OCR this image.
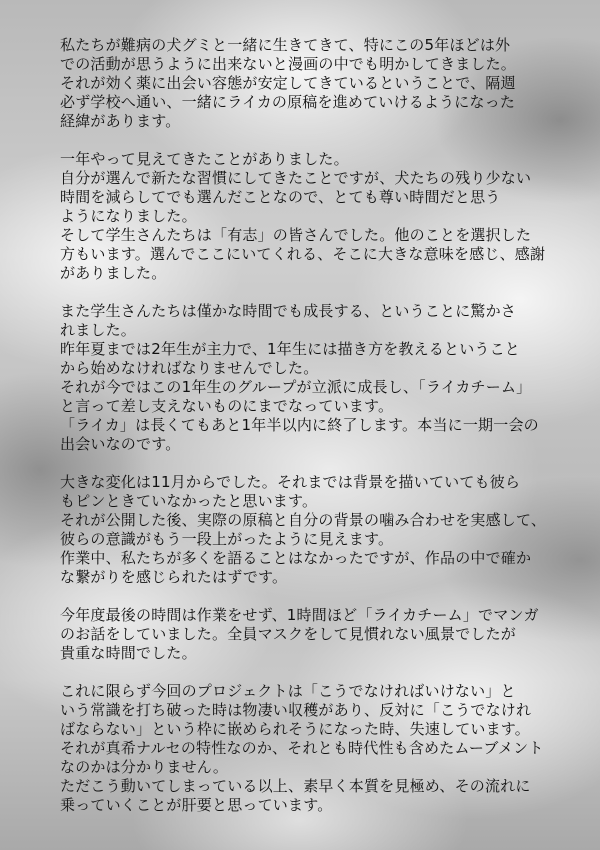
私たちが難病の犬グミと一緒に生きてきて、特にこの5年ほどは外
での活動が思うように出来ないと漫画の中でも明かしてきました。
それが効く薬に出会い容態が安定してきているということで、隔週
必ず学校へ通い、一緒にライカの原稿を進めていけるようになった
経緯があります。

一年やって見えてきたことがありました。
自分が選んで新たな習慣にしてきたことですが、犬たちの残り少ない
時間を減らしてでも選んだことなので、とても尊い時間だと思う
ようになりました。
そして学生さんたちは「有志」の皆さんでした。他のことを選択した
方もいます。選んでここにいてくれる、そこに大きな意味を感じ、感謝
がありました。

また学生さんたちは僅かな時間でも成長する、ということに驚かさ
れました。
昨年夏までは2年生が主力で、1年生には描き方を教えるということ
から始めなければなりませんでした。
それが今ではこの1年生のグループが立派に成長し、「ライカチーム」
と言って差し支えないものにまでなっています。
「ライカ」は長くてもあと1年半以内に終了します。本当に一期一会の
出会いなのです。

大きな変化は11月からでした。それまでは背景を描いていても彼ら
もピンときていなかったと思います。
それが公開した後、実際の原稿と自分の背景の噛み合わせを実感して、
彼らの意識がもう一段上がったように見えます。
作業中、私たちが多くを語ることはなかったですが、作品の中で確か
な繋がりを感じられたはずです。

今年度最後の時間は作業をせず、1時間ほど「ライカチーム」でマンガ
のお話をしていました。全員マスクをして見慣れない風景でしたが
貴重な時間でした。

これに限らず今回のプロジェクトは「こうでなければいけない」と
いう常識を打ち破った時は物凄い収穫があり、反対に「こうでなけれ
ばならない」という枠に嵌められそうになった時、失速しています。
それが真希ナルセの特性なのか、それとも時代性も含めたムーブメント
なのかは分かりません。
ただこう動いてしまっている以上、素早く本質を見極め、その流れに
乗っていくことが肝要と思っています。
